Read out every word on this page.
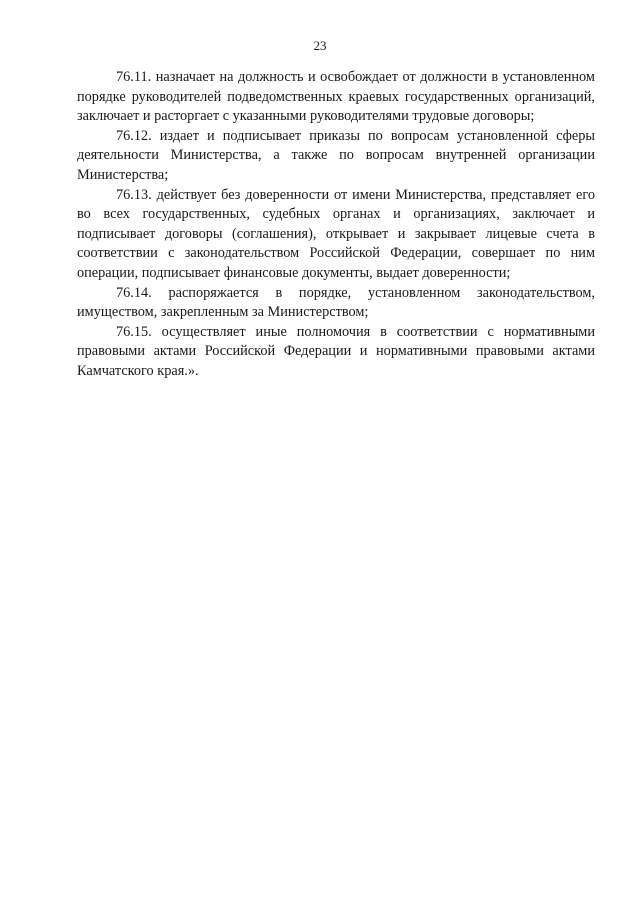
23

76.11. назначает на должность и освобождает от должности в установленном порядке руководителей подведомственных краевых государственных организаций, заключает и расторгает с указанными руководителями трудовые договоры;

76.12. издает и подписывает приказы по вопросам установленной сферы деятельности Министерства, а также по вопросам внутренней организации Министерства;

76.13. действует без доверенности от имени Министерства, представляет его во всех государственных, судебных органах и организациях, заключает и подписывает договоры (соглашения), открывает и закрывает лицевые счета в соответствии с законодательством Российской Федерации, совершает по ним операции, подписывает финансовые документы, выдает доверенности;

76.14. распоряжается в порядке, установленном законодательством, имуществом, закрепленным за Министерством;

76.15. осуществляет иные полномочия в соответствии с нормативными правовыми актами Российской Федерации и нормативными правовыми актами Камчатского края.».
